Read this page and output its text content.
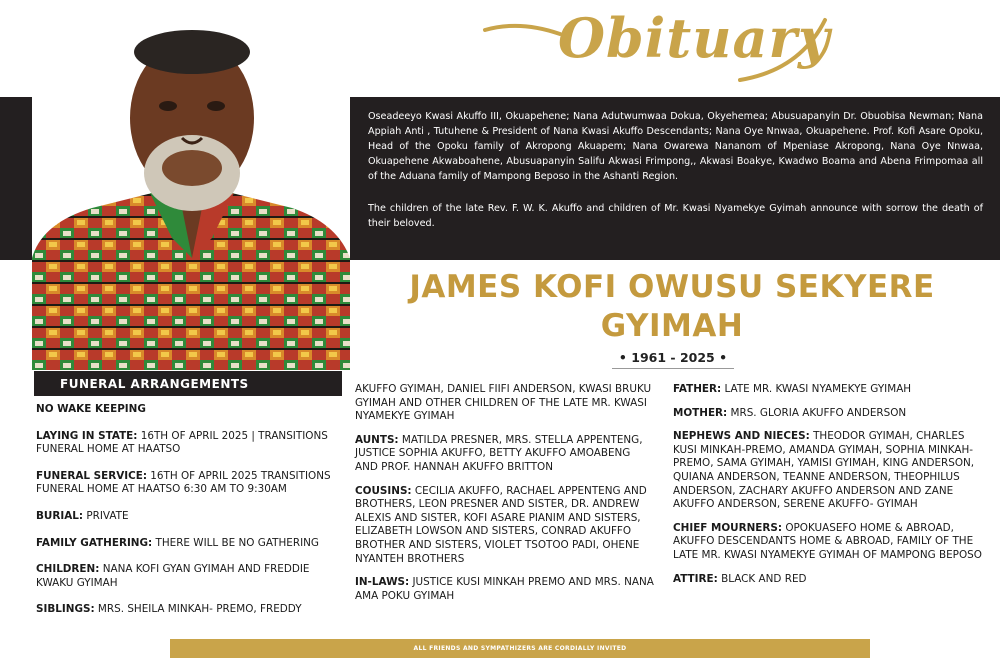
Obituary

Oseadeeyo Kwasi Akuffo III, Okuapehene; Nana Adutwumwaa Dokua, Okyehemea; Abusuapanyin Dr. Obuobisa Newman; Nana Appiah Anti , Tutuhene & President of Nana Kwasi Akuffo Descendants; Nana Oye Nnwaa, Okuapehene. Prof. Kofi Asare Opoku, Head of the Opoku family of Akropong Akuapem; Nana Owarewa Nananom of Mpeniase Akropong, Nana Oye Nnwaa, Okuapehene Akwaboahene, Abusuapanyin Salifu Akwasi Frimpong,, Akwasi Boakye, Kwadwo Boama and Abena Frimpomaa all of the Aduana family of Mampong Beposo in the Ashanti Region.

The children of the late Rev. F. W. K. Akuffo and children of Mr. Kwasi Nyamekye Gyimah announce with sorrow the death of their beloved.

JAMES KOFI OWUSU SEKYERE
GYIMAH
• 1961 - 2025 •
FUNERAL ARRANGEMENTS
NO WAKE KEEPING
LAYING IN STATE: 16TH OF APRIL 2025 | TRANSITIONS FUNERAL HOME AT HAATSO
FUNERAL SERVICE: 16TH OF APRIL 2025 TRANSITIONS FUNERAL HOME AT HAATSO 6:30 AM TO 9:30AM
BURIAL: PRIVATE
FAMILY GATHERING: THERE WILL BE NO GATHERING
CHILDREN: NANA KOFI GYAN GYIMAH AND FREDDIE KWAKU GYIMAH
SIBLINGS: MRS. SHEILA MINKAH- PREMO, FREDDY
AKUFFO GYIMAH, DANIEL FIIFI ANDERSON, KWASI BRUKU GYIMAH AND OTHER CHILDREN OF THE LATE MR. KWASI NYAMEKYE GYIMAH
AUNTS: MATILDA PRESNER, MRS. STELLA APPENTENG, JUSTICE SOPHIA AKUFFO, BETTY AKUFFO AMOABENG AND PROF. HANNAH AKUFFO BRITTON
COUSINS: CECILIA AKUFFO, RACHAEL APPENTENG AND BROTHERS, LEON PRESNER AND SISTER, DR. ANDREW ALEXIS AND SISTER, KOFI ASARE PIANIM AND SISTERS, ELIZABETH LOWSON AND SISTERS, CONRAD AKUFFO BROTHER AND SISTERS, VIOLET TSOTOO PADI, OHENE NYANTEH BROTHERS
IN-LAWS: JUSTICE KUSI MINKAH PREMO AND MRS. NANA AMA POKU GYIMAH
FATHER: LATE MR. KWASI NYAMEKYE GYIMAH
MOTHER: MRS. GLORIA AKUFFO ANDERSON
NEPHEWS AND NIECES: THEODOR GYIMAH, CHARLES KUSI MINKAH-PREMO, AMANDA GYIMAH, SOPHIA MINKAH-PREMO, SAMA GYIMAH, YAMISI GYIMAH, KING ANDERSON, QUIANA ANDERSON, TEANNE ANDERSON, THEOPHILUS ANDERSON, ZACHARY AKUFFO ANDERSON AND ZANE AKUFFO ANDERSON, SERENE AKUFFO- GYIMAH
CHIEF MOURNERS: OPOKUASEFO HOME & ABROAD, AKUFFO DESCENDANTS HOME & ABROAD, FAMILY OF THE LATE MR. KWASI NYAMEKYE GYIMAH OF MAMPONG BEPOSO
ATTIRE: BLACK AND RED
ALL FRIENDS AND SYMPATHIZERS ARE CORDIALLY INVITED
